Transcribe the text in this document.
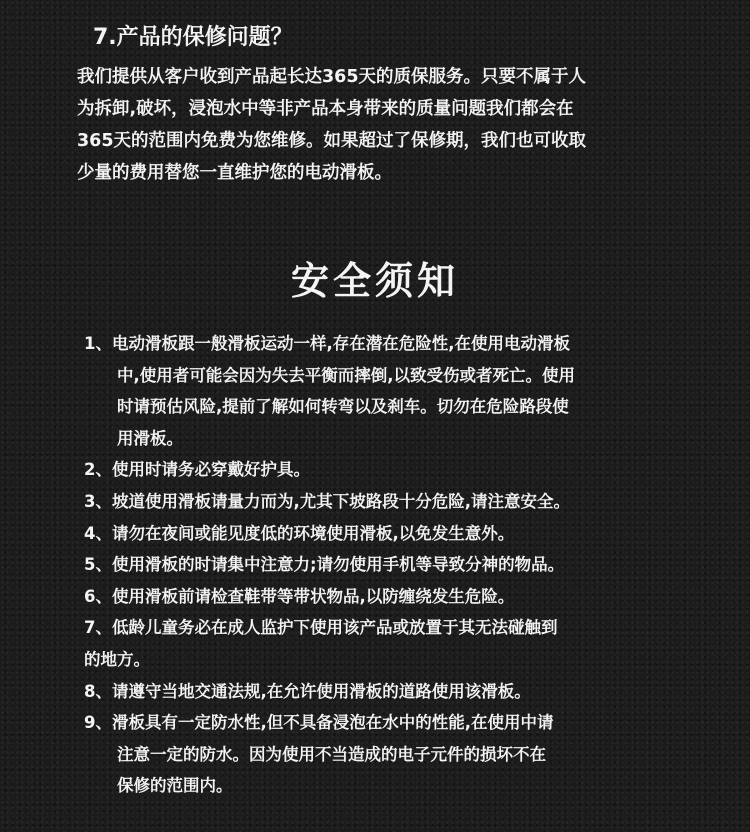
7.产品的保修问题？
我们提供从客户收到产品起长达365天的质保服务。只要不属于人
为拆卸,破坏，浸泡水中等非产品本身带来的质量问题我们都会在
365天的范围内免费为您维修。如果超过了保修期，我们也可收取
少量的费用替您一直维护您的电动滑板。
安全须知
1、电动滑板跟一般滑板运动一样,存在潜在危险性,在使用电动滑板
中,使用者可能会因为失去平衡而摔倒,以致受伤或者死亡。使用
时请预估风险,提前了解如何转弯以及刹车。切勿在危险路段使
用滑板。
2、使用时请务必穿戴好护具。
3、坡道使用滑板请量力而为,尤其下坡路段十分危险,请注意安全。
4、请勿在夜间或能见度低的环境使用滑板,以免发生意外。
5、使用滑板的时请集中注意力;请勿使用手机等导致分神的物品。
6、使用滑板前请检查鞋带等带状物品,以防缠绕发生危险。
7、低龄儿童务必在成人监护下使用该产品或放置于其无法碰触到
的地方。
8、请遵守当地交通法规,在允许使用滑板的道路使用该滑板。
9、滑板具有一定防水性,但不具备浸泡在水中的性能,在使用中请
注意一定的防水。因为使用不当造成的电子元件的损坏不在
保修的范围内。
